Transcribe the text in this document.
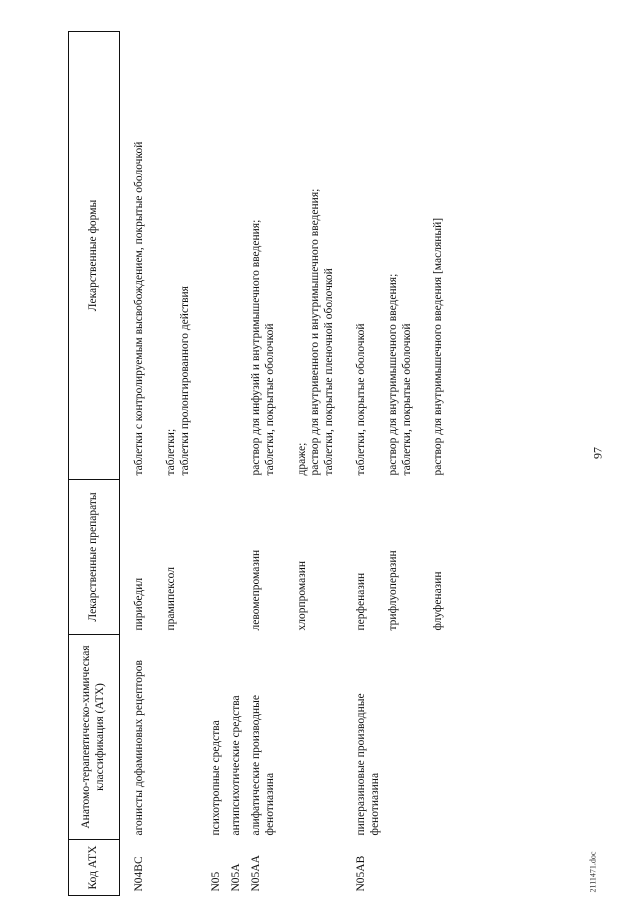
97
2111471.doc
Код АТХ	Анатомо-терапевтическо-химическая классификация (АТХ)	Лекарственные препараты	Лекарственные формы

N04BC	агонисты дофаминовых рецепторов	пирибедил	таблетки с контролируемым высвобождением, покрытые оболочкой

		прамипексол	таблетки; таблетки пролонгированного действия

N05	психотропные средства		
N05A	антипсихотические средства		
N05AA	алифатические производные фенотиазина	левомепромазин	раствор для инфузий и внутримышечного введения; таблетки, покрытые оболочкой

		хлорпромазин	драже; раствор для внутривенного и внутримышечного введения; таблетки, покрытые пленочной оболочкой

N05AB	пиперазиновые производные фенотиазина	перфеназин	таблетки, покрытые оболочкой

		трифлуоперазин	раствор для внутримышечного введения; таблетки, покрытые оболочкой

		флуфеназин	раствор для внутримышечного введения [масляный]
